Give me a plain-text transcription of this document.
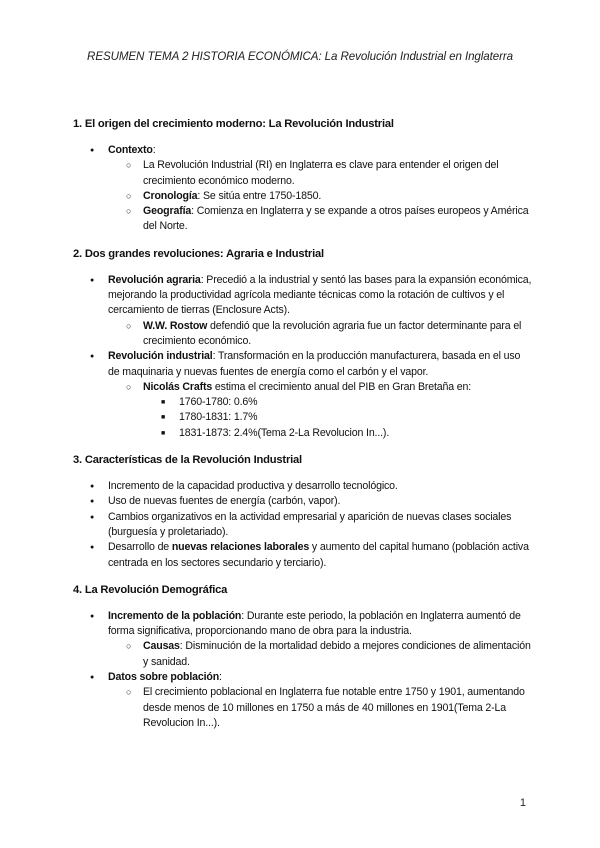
RESUMEN TEMA 2 HISTORIA ECONÓMICA: La Revolución Industrial en Inglaterra
1. El origen del crecimiento moderno: La Revolución Industrial
● Contexto:
○ La Revolución Industrial (RI) en Inglaterra es clave para entender el origen del crecimiento económico moderno.
○ Cronología: Se sitúa entre 1750-1850.
○ Geografía: Comienza en Inglaterra y se expande a otros países europeos y América del Norte.
2. Dos grandes revoluciones: Agraria e Industrial
● Revolución agraria: Precedió a la industrial y sentó las bases para la expansión económica, mejorando la productividad agrícola mediante técnicas como la rotación de cultivos y el cercamiento de tierras (Enclosure Acts).
○ W.W. Rostow defendió que la revolución agraria fue un factor determinante para el crecimiento económico.
● Revolución industrial: Transformación en la producción manufacturera, basada en el uso de maquinaria y nuevas fuentes de energía como el carbón y el vapor.
○ Nicolás Crafts estima el crecimiento anual del PIB en Gran Bretaña en:
■ 1760-1780: 0.6%
■ 1780-1831: 1.7%
■ 1831-1873: 2.4%(Tema 2-La Revolucion In...).
3. Características de la Revolución Industrial
● Incremento de la capacidad productiva y desarrollo tecnológico.
● Uso de nuevas fuentes de energía (carbón, vapor).
● Cambios organizativos en la actividad empresarial y aparición de nuevas clases sociales (burguesía y proletariado).
● Desarrollo de nuevas relaciones laborales y aumento del capital humano (población activa centrada en los sectores secundario y terciario).
4. La Revolución Demográfica
● Incremento de la población: Durante este periodo, la población en Inglaterra aumentó de forma significativa, proporcionando mano de obra para la industria.
○ Causas: Disminución de la mortalidad debido a mejores condiciones de alimentación y sanidad.
● Datos sobre población:
○ El crecimiento poblacional en Inglaterra fue notable entre 1750 y 1901, aumentando desde menos de 10 millones en 1750 a más de 40 millones en 1901(Tema 2-La Revolucion In...).
1
